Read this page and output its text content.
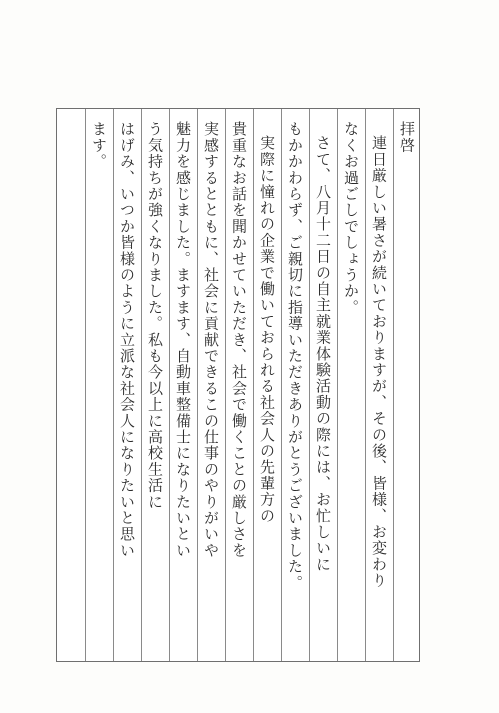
拝啓
連日厳しい暑さが続いておりますが、その後、皆様、お変わり
なくお過ごしでしょうか。
さて、八月十二日の自主就業体験活動の際には、お忙しいに
もかかわらず、ご親切に指導いただきありがとうございました。
実際に憧れの企業で働いておられる社会人の先輩方の
貴重なお話を聞かせていただき、社会で働くことの厳しさを
実感するとともに、社会に貢献できるこの仕事のやりがいや
魅力を感じました。ますます、自動車整備士になりたいとい
う気持ちが強くなりました。私も今以上に高校生活に
はげみ、いつか皆様のように立派な社会人になりたいと思い
ます。
